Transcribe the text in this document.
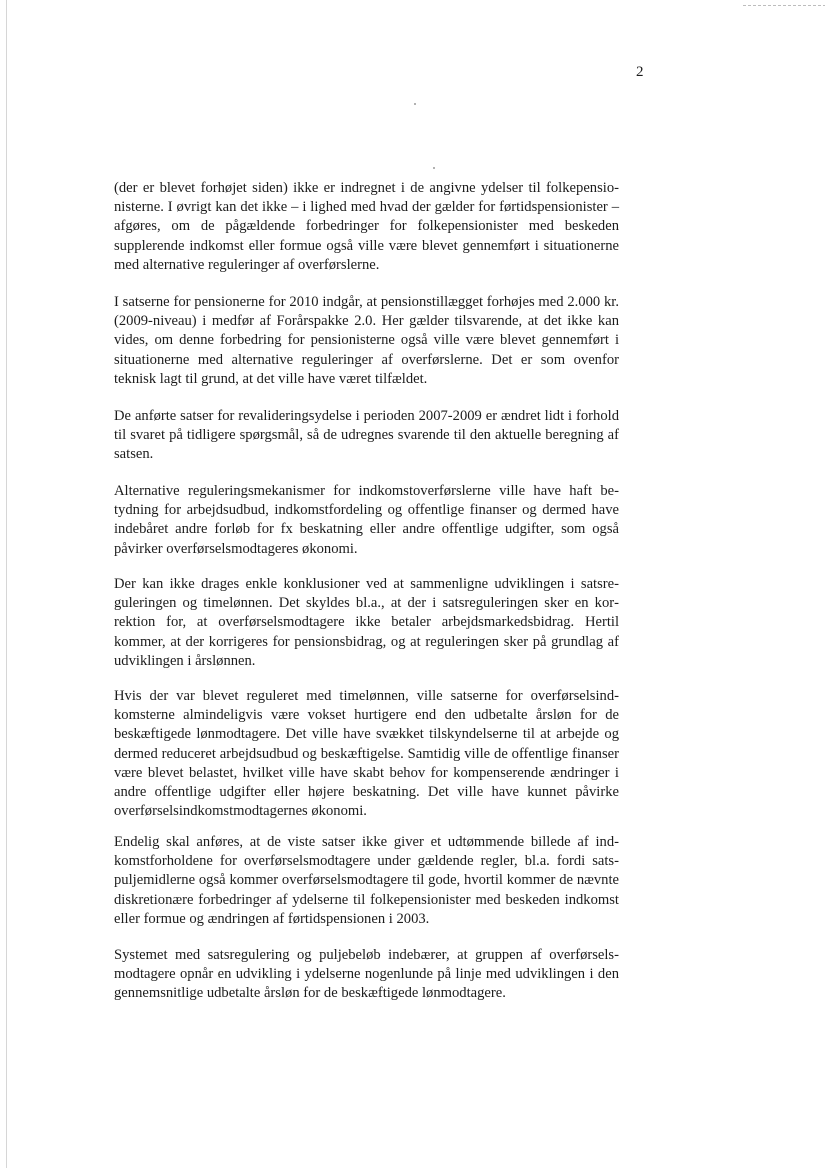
2

(der er blevet forhøjet siden) ikke er indregnet i de angivne ydelser til folkepensionisterne. I øvrigt kan det ikke – i lighed med hvad der gælder for førtidspensionister – afgøres, om de pågældende forbedringer for folkepensionister med beskeden supplerende indkomst eller formue også ville være blevet gennemført i situationerne med alternative reguleringer af overførslerne.

I satserne for pensionerne for 2010 indgår, at pensionstillægget forhøjes med 2.000 kr. (2009-niveau) i medfør af Forårspakke 2.0. Her gælder tilsvarende, at det ikke kan vides, om denne forbedring for pensionisterne også ville være blevet gennemført i situationerne med alternative reguleringer af overførslerne. Det er som ovenfor teknisk lagt til grund, at det ville have været tilfældet.

De anførte satser for revalideringsydelse i perioden 2007-2009 er ændret lidt i forhold til svaret på tidligere spørgsmål, så de udregnes svarende til den aktuelle beregning af satsen.

Alternative reguleringsmekanismer for indkomstoverførslerne ville have haft betydning for arbejdsudbud, indkomstfordeling og offentlige finanser og dermed have indebåret andre forløb for fx beskatning eller andre offentlige udgifter, som også påvirker overførselsmodtageres økonomi.

Der kan ikke drages enkle konklusioner ved at sammenligne udviklingen i satsreguleringen og timelønnen. Det skyldes bl.a., at der i satsreguleringen sker en korrektion for, at overførselsmodtagere ikke betaler arbejdsmarkedsbidrag. Hertil kommer, at der korrigeres for pensionsbidrag, og at reguleringen sker på grundlag af udviklingen i årslønnen.

Hvis der var blevet reguleret med timelønnen, ville satserne for overførselsindkomsterne almindeligvis være vokset hurtigere end den udbetalte årsløn for de beskæftigede lønmodtagere. Det ville have svækket tilskyndelserne til at arbejde og dermed reduceret arbejdsudbud og beskæftigelse. Samtidig ville de offentlige finanser være blevet belastet, hvilket ville have skabt behov for kompenserende ændringer i andre offentlige udgifter eller højere beskatning. Det ville have kunnet påvirke overførselsindkomstmodtagernes økonomi.

Endelig skal anføres, at de viste satser ikke giver et udtømmende billede af indkomstforholdene for overførselsmodtagere under gældende regler, bl.a. fordi satspuljemidlerne også kommer overførselsmodtagere til gode, hvortil kommer de nævnte diskretionære forbedringer af ydelserne til folkepensionister med beskeden indkomst eller formue og ændringen af førtidspensionen i 2003.

Systemet med satsregulering og puljebeløb indebærer, at gruppen af overførselsmodtagere opnår en udvikling i ydelserne nogenlunde på linje med udviklingen i den gennemsnitlige udbetalte årsløn for de beskæftigede lønmodtagere.
